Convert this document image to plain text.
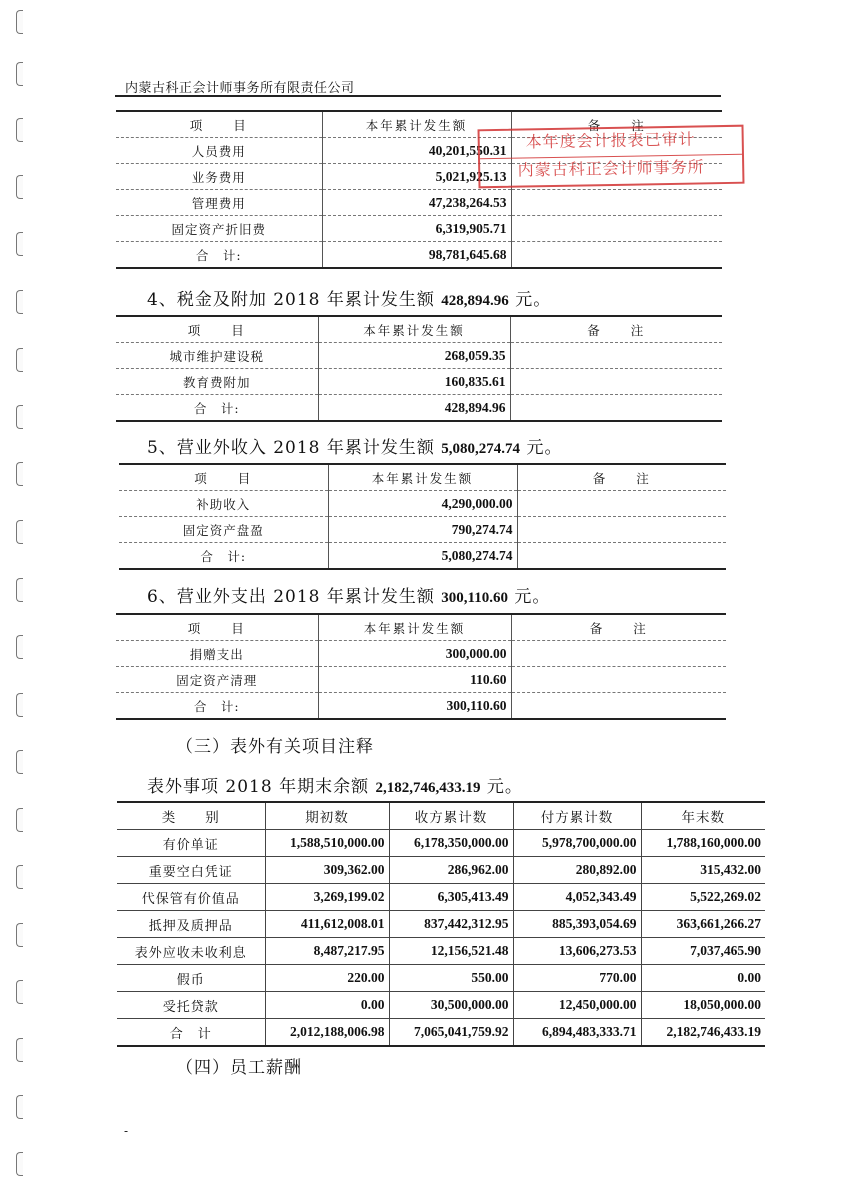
内蒙古科正会计师事务所有限责任公司
项　　目	本年累计发生额	备　　注
人员费用	40,201,550.31	
业务费用	5,021,925.13	
管理费用	47,238,264.53	
固定资产折旧费	6,319,905.71	
合　计:	98,781,645.68	
本年度会计报表已审计
内蒙古科正会计师事务所
4、税金及附加 2018 年累计发生额 428,894.96 元。
项　　目	本年累计发生额	备　　注
城市维护建设税	268,059.35	
教育费附加	160,835.61	
合　计:	428,894.96	
5、营业外收入 2018 年累计发生额 5,080,274.74 元。
项　　目	本年累计发生额	备　　注
补助收入	4,290,000.00	
固定资产盘盈	790,274.74	
合　计:	5,080,274.74	
6、营业外支出 2018 年累计发生额 300,110.60 元。
项　　目	本年累计发生额	备　　注
捐赠支出	300,000.00	
固定资产清理	110.60	
合　计:	300,110.60	
（三）表外有关项目注释
表外事项 2018 年期末余额 2,182,746,433.19 元。
类　　别	期初数	收方累计数	付方累计数	年末数
有价单证	1,588,510,000.00	6,178,350,000.00	5,978,700,000.00	1,788,160,000.00
重要空白凭证	309,362.00	286,962.00	280,892.00	315,432.00
代保管有价值品	3,269,199.02	6,305,413.49	4,052,343.49	5,522,269.02
抵押及质押品	411,612,008.01	837,442,312.95	885,393,054.69	363,661,266.27
表外应收未收利息	8,487,217.95	12,156,521.48	13,606,273.53	7,037,465.90
假币	220.00	550.00	770.00	0.00
受托贷款	0.00	30,500,000.00	12,450,000.00	18,050,000.00
合　计	2,012,188,006.98	7,065,041,759.92	6,894,483,333.71	2,182,746,433.19
（四）员工薪酬
-
